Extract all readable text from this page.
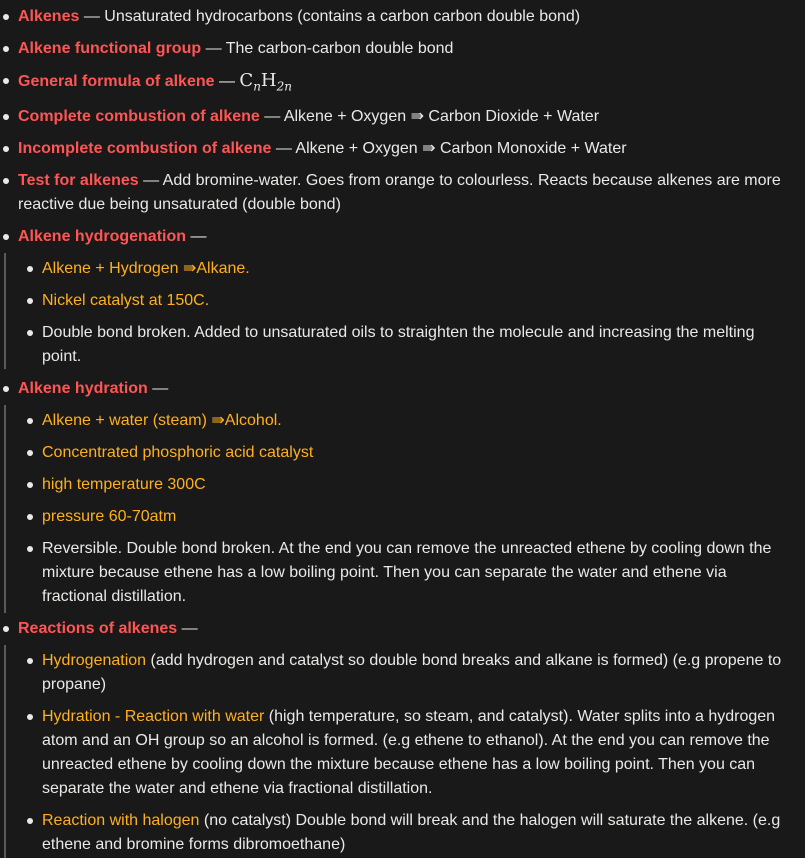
Alkenes — Unsaturated hydrocarbons (contains a carbon carbon double bond)
Alkene functional group — The carbon-carbon double bond
General formula of alkene — $C_nH_{2n}$
Complete combustion of alkene — Alkene + Oxygen ⇛ Carbon Dioxide + Water
Incomplete combustion of alkene — Alkene + Oxygen ⇛ Carbon Monoxide + Water
Test for alkenes — Add bromine-water. Goes from orange to colourless. Reacts because alkenes are more reactive due being unsaturated (double bond)
Alkene hydrogenation —
Alkene + Hydrogen ⇛Alkane.
Nickel catalyst at 150C.
Double bond broken. Added to unsaturated oils to straighten the molecule and increasing the melting point.
Alkene hydration —
Alkene + water (steam) ⇛Alcohol.
Concentrated phosphoric acid catalyst
high temperature 300C
pressure 60-70atm
Reversible. Double bond broken. At the end you can remove the unreacted ethene by cooling down the mixture because ethene has a low boiling point. Then you can separate the water and ethene via fractional distillation.
Reactions of alkenes —
Hydrogenation (add hydrogen and catalyst so double bond breaks and alkane is formed) (e.g propene to propane)
Hydration - Reaction with water (high temperature, so steam, and catalyst). Water splits into a hydrogen atom and an OH group so an alcohol is formed. (e.g ethene to ethanol). At the end you can remove the unreacted ethene by cooling down the mixture because ethene has a low boiling point. Then you can separate the water and ethene via fractional distillation.
Reaction with halogen (no catalyst) Double bond will break and the halogen will saturate the alkene. (e.g ethene and bromine forms dibromoethane)
